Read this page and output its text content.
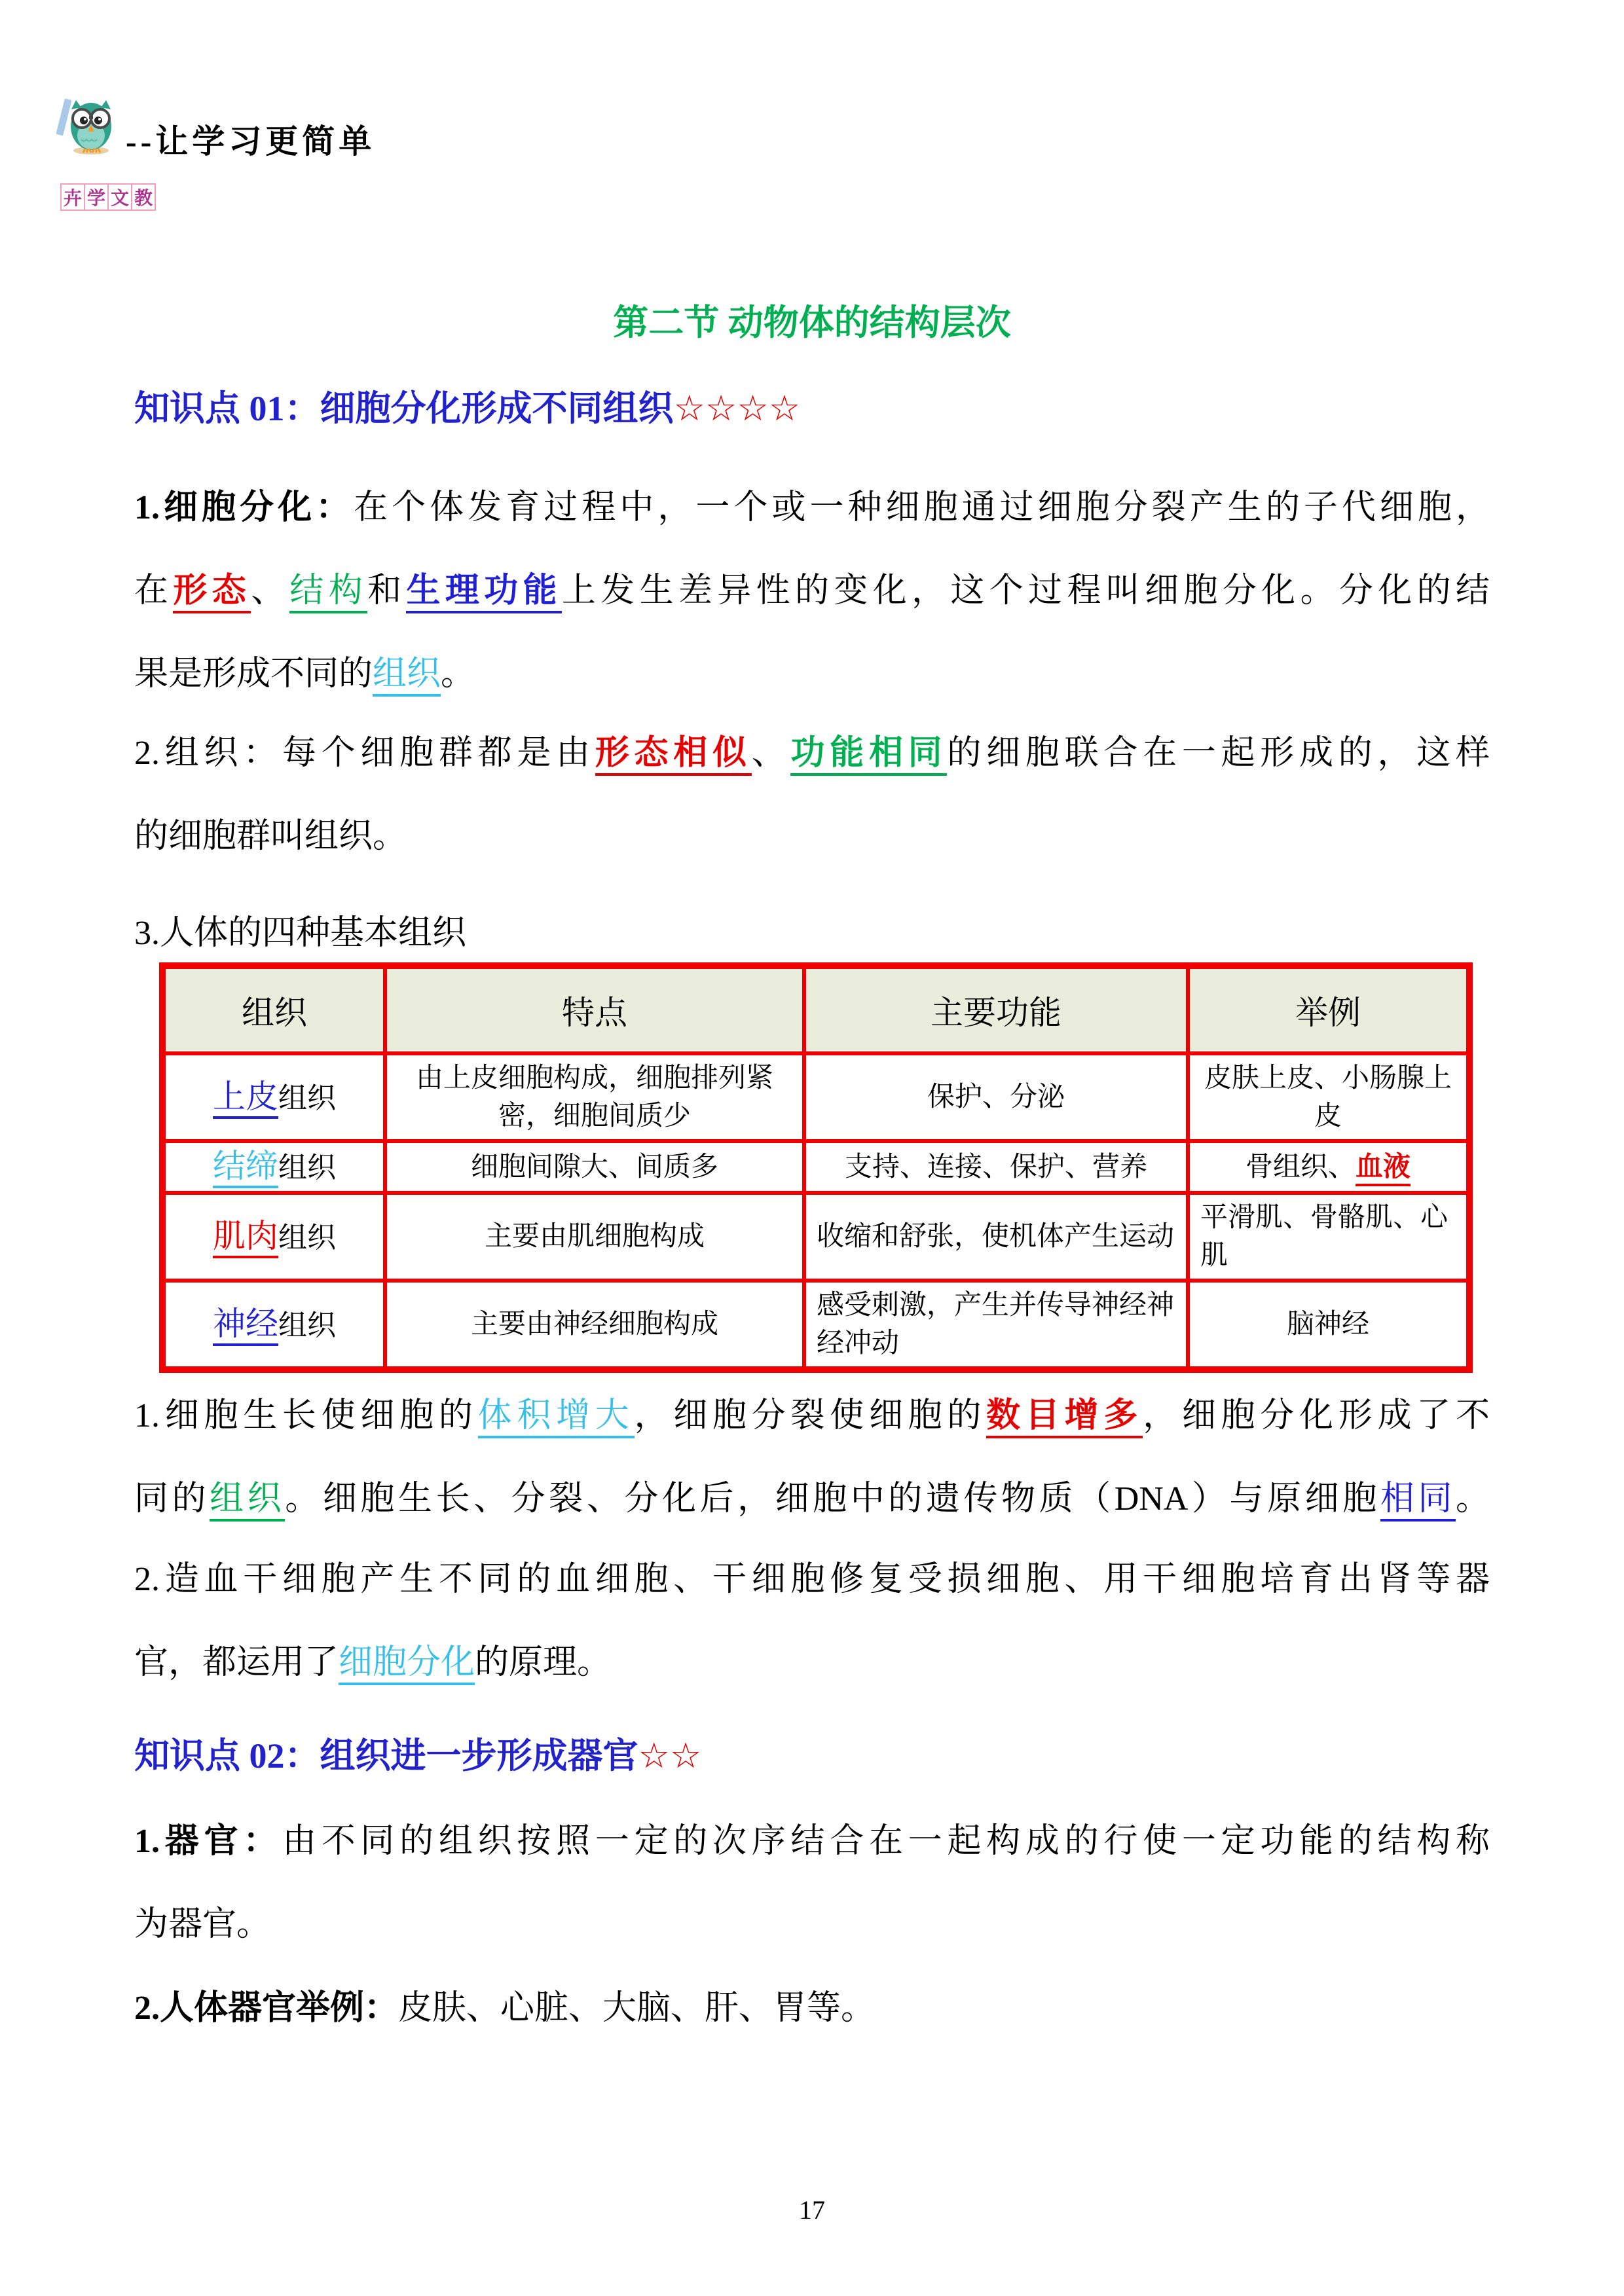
卉 学 文 教
--让学习更简单
第二节 动物体的结构层次
知识点 01：细胞分化形成不同组织☆☆☆☆
1.细胞分化：在个体发育过程中，一个或一种细胞通过细胞分裂产生的子代细胞，
在形态、结构和生理功能上发生差异性的变化，这个过程叫细胞分化。分化的结
果是形成不同的组织。
2.组织：每个细胞群都是由形态相似、功能相同的细胞联合在一起形成的，这样
的细胞群叫组织。
3.人体的四种基本组织
组织	特点	主要功能	举例
上皮组织	由上皮细胞构成，细胞排列紧密，细胞间质少	保护、分泌	皮肤上皮、小肠腺上皮
结缔组织	细胞间隙大、间质多	支持、连接、保护、营养	骨组织、血液
肌肉组织	主要由肌细胞构成	收缩和舒张，使机体产生运动	平滑肌、骨骼肌、心肌
神经组织	主要由神经细胞构成	感受刺激，产生并传导神经神经冲动	脑神经
1.细胞生长使细胞的体积增大，细胞分裂使细胞的数目增多，细胞分化形成了不
同的组织。细胞生长、分裂、分化后，细胞中的遗传物质（DNA）与原细胞相同。
2.造血干细胞产生不同的血细胞、干细胞修复受损细胞、用干细胞培育出肾等器
官，都运用了细胞分化的原理。
知识点 02：组织进一步形成器官☆☆
1.器官：由不同的组织按照一定的次序结合在一起构成的行使一定功能的结构称
为器官。
2.人体器官举例：皮肤、心脏、大脑、肝、胃等。
17
